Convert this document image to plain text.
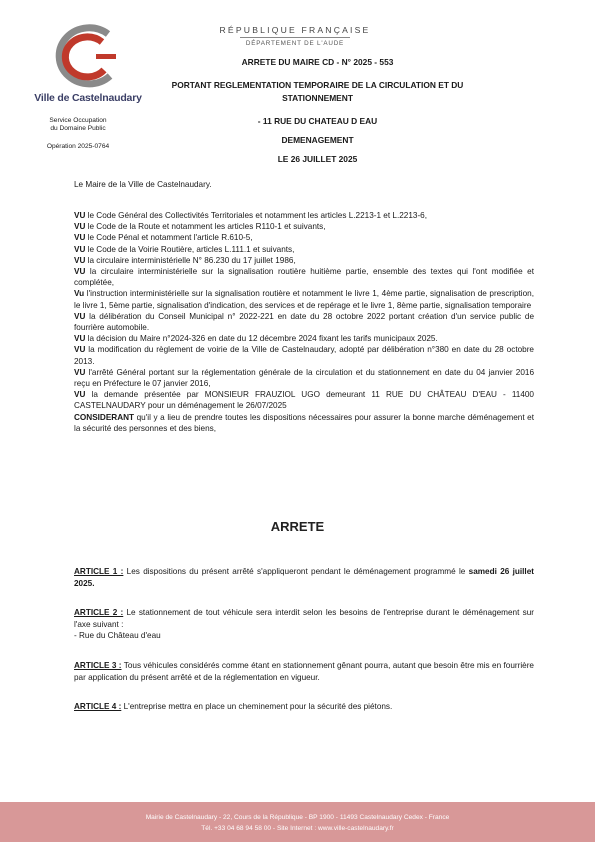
Ville de Castelnaudary
Service Occupation
du Domaine Public
Opération 2025-0764
RÉPUBLIQUE FRANÇAISE
DÉPARTEMENT DE L'AUDE
ARRETE DU MAIRE CD - N° 2025 - 553
PORTANT REGLEMENTATION TEMPORAIRE DE LA CIRCULATION ET DU
STATIONNEMENT
- 11 RUE DU CHATEAU D EAU
DEMENAGEMENT
LE 26 JUILLET 2025
Le Maire de la Ville de Castelnaudary.
VU le Code Général des Collectivités Territoriales et notamment les articles L.2213-1 et L.2213-6,
VU le Code de la Route et notamment les articles R110-1 et suivants,
VU le Code Pénal et notamment l'article R.610-5,
VU le Code de la Voirie Routière, articles L.111.1 et suivants,
VU la circulaire interministérielle N° 86.230 du 17 juillet 1986,
VU la circulaire interministérielle sur la signalisation routière huitième partie, ensemble des textes qui l'ont modifiée et complétée,
Vu l'instruction interministérielle sur la signalisation routière et notamment le livre 1, 4ème partie, signalisation de prescription, le livre 1, 5ème partie, signalisation d'indication, des services et de repérage et le livre 1, 8ème partie, signalisation temporaire
VU la délibération du Conseil Municipal n° 2022-221 en date du 28 octobre 2022 portant création d'un service public de fourrière automobile.
VU la décision du Maire n°2024-326 en date du 12 décembre 2024 fixant les tarifs municipaux 2025.
VU la modification du règlement de voirie de la Ville de Castelnaudary, adopté par délibération n°380 en date du 28 octobre 2013.
VU l'arrêté Général portant sur la réglementation générale de la circulation et du stationnement en date du 04 janvier 2016 reçu en Préfecture le 07 janvier 2016,
VU la demande présentée par MONSIEUR FRAUZIOL UGO demeurant 11 RUE DU CHÂTEAU D'EAU - 11400 CASTELNAUDARY pour un déménagement le 26/07/2025
CONSIDERANT qu'il y a lieu de prendre toutes les dispositions nécessaires pour assurer la bonne marche déménagement et la sécurité des personnes et des biens,
ARRETE
ARTICLE 1 : Les dispositions du présent arrêté s'appliqueront pendant le déménagement programmé le samedi 26 juillet 2025.
ARTICLE 2 : Le stationnement de tout véhicule sera interdit selon les besoins de l'entreprise durant le déménagement sur l'axe suivant :
- Rue du Château d'eau
ARTICLE 3 : Tous véhicules considérés comme étant en stationnement gênant pourra, autant que besoin être mis en fourrière par application du présent arrêté et de la réglementation en vigueur.
ARTICLE 4 : L'entreprise mettra en place un cheminement pour la sécurité des piétons.
Mairie de Castelnaudary - 22, Cours de la République - BP 1900 - 11493 Castelnaudary Cedex - France
Tél. +33 04 68 94 58 00 - Site Internet : www.ville-castelnaudary.fr
